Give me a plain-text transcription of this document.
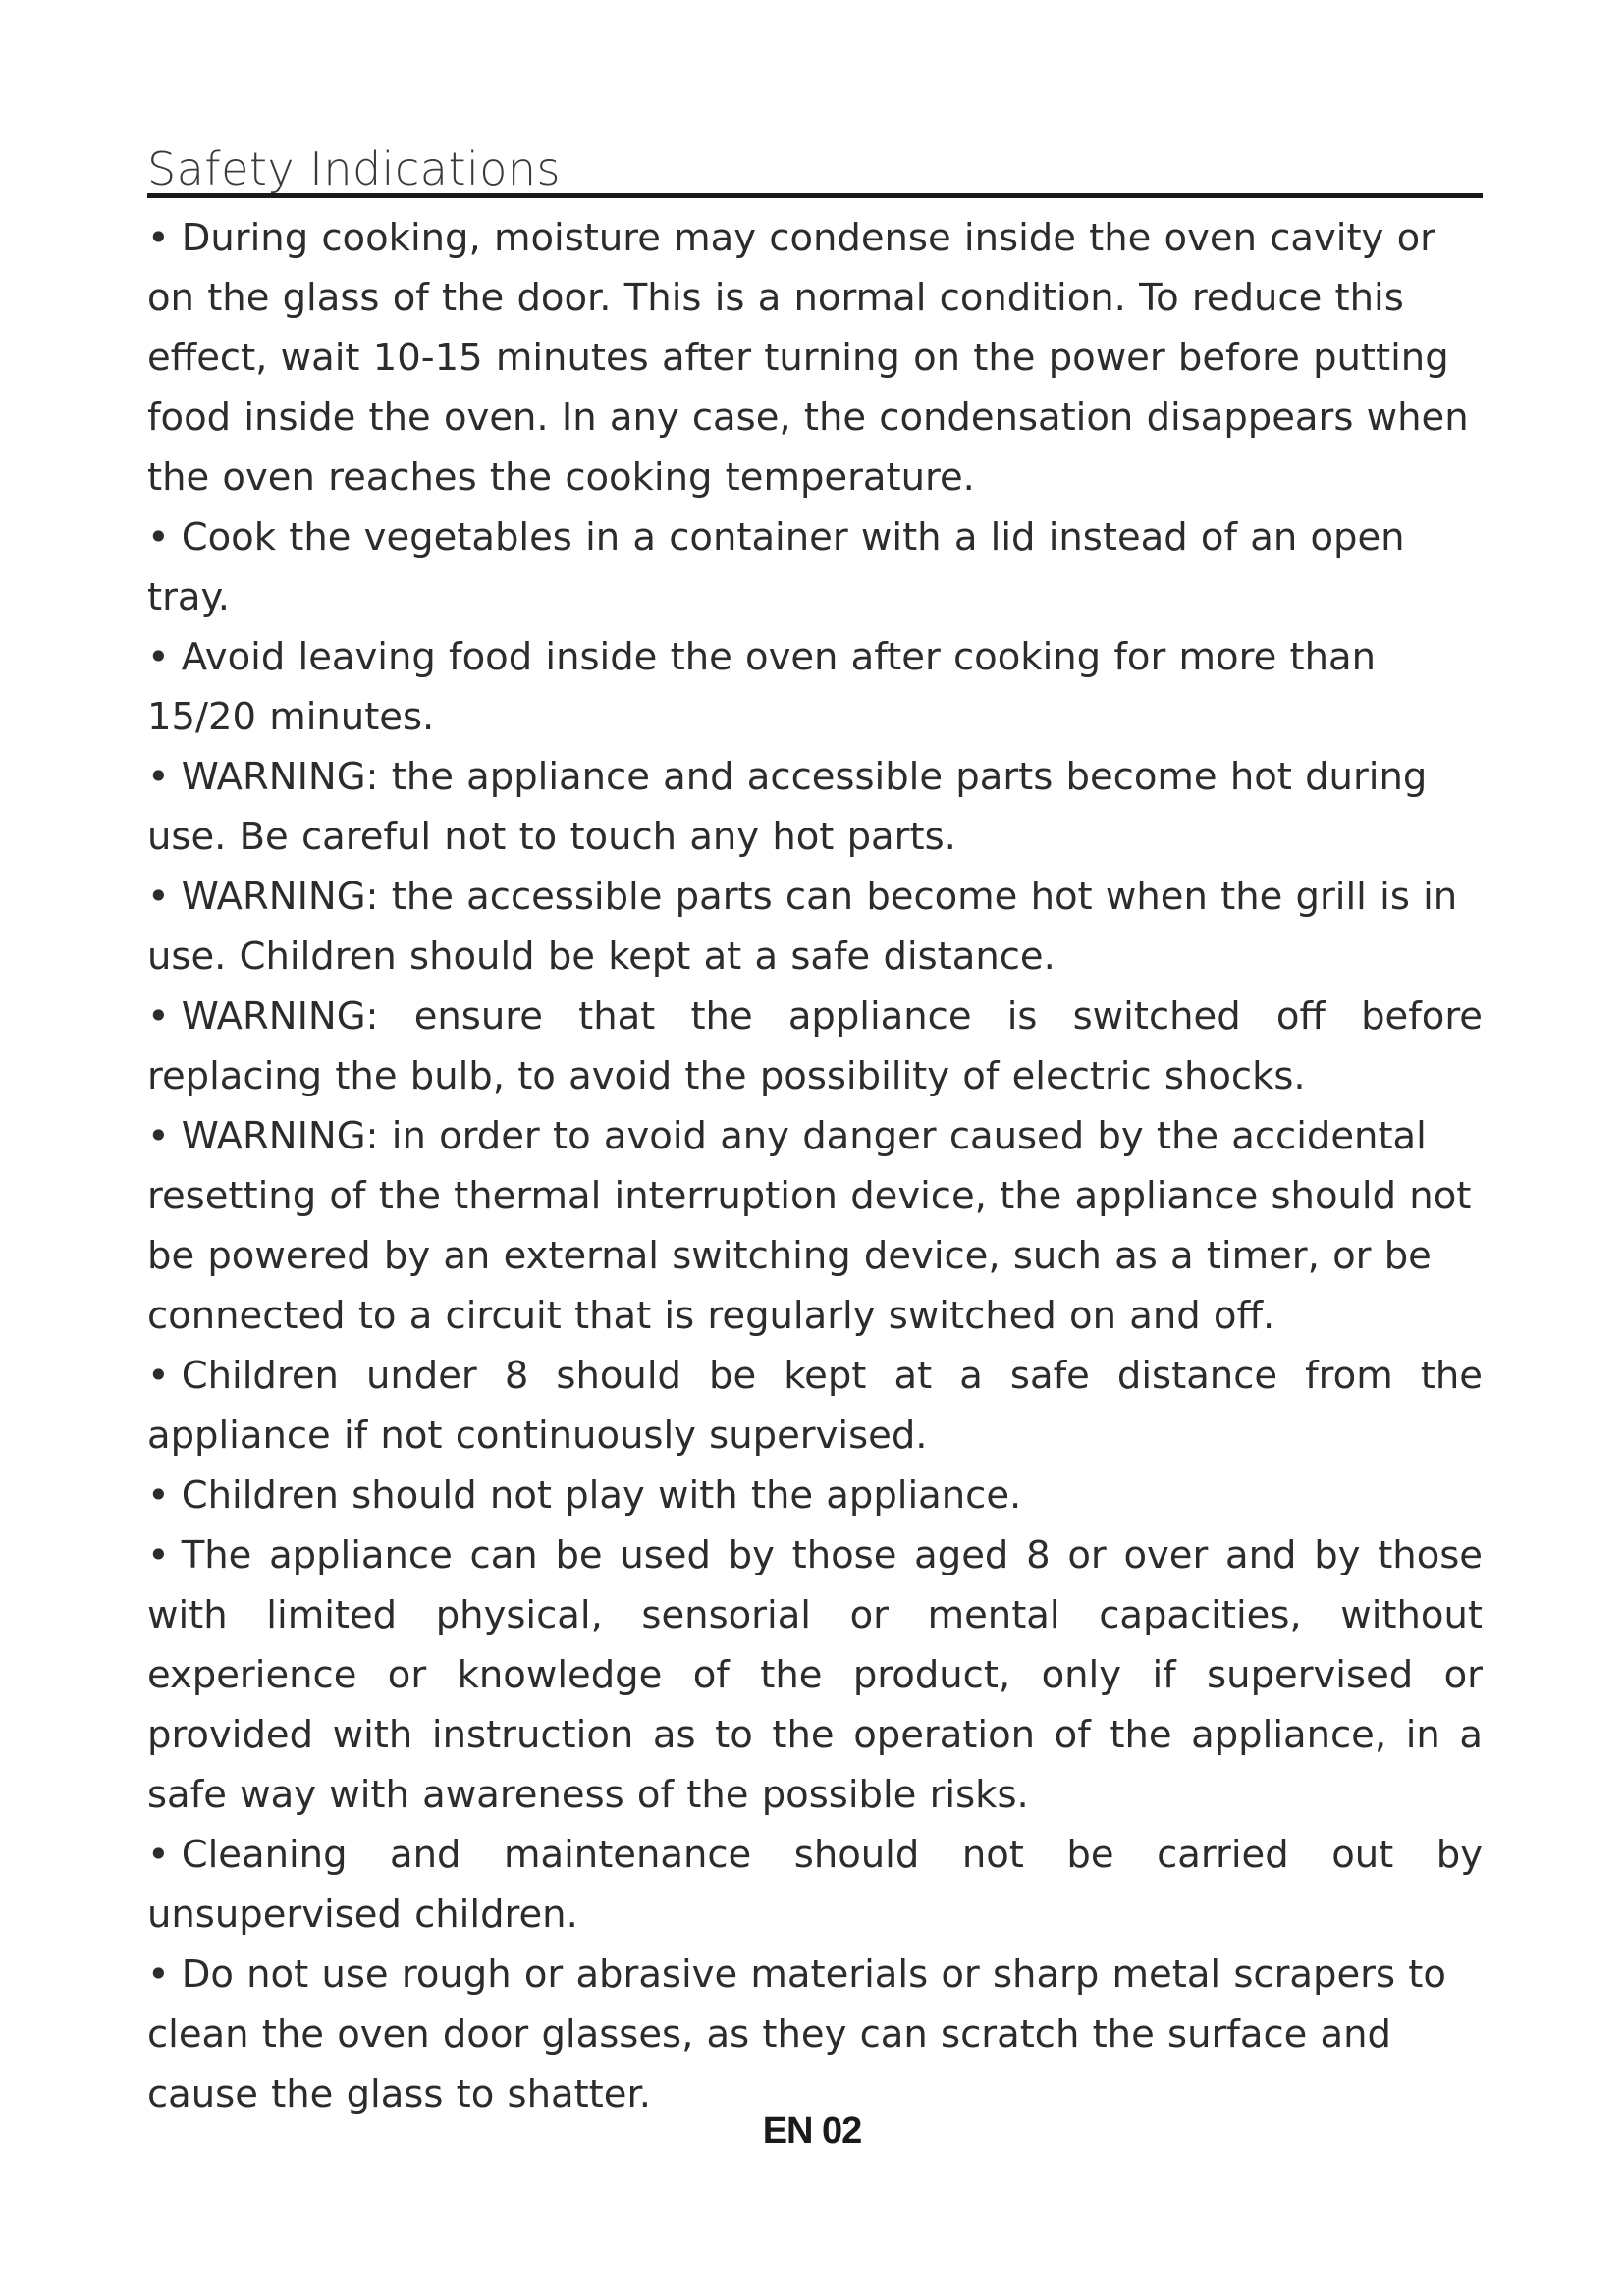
Safety Indications
• During cooking, moisture may condense inside the oven cavity or on the glass of the door. This is a normal condition. To reduce this effect, wait 10-15 minutes after turning on the power before putting food inside the oven. In any case, the condensation disappears when the oven reaches the cooking temperature.
• Cook the vegetables in a container with a lid instead of an open tray.
• Avoid leaving food inside the oven after cooking for more than 15/20 minutes.
• WARNING: the appliance and accessible parts become hot during use. Be careful not to touch any hot parts.
• WARNING: the accessible parts can become hot when the grill is in use. Children should be kept at a safe distance.
• WARNING: ensure that the appliance is switched off before replacing the bulb, to avoid the possibility of electric shocks.
• WARNING: in order to avoid any danger caused by the accidental resetting of the thermal interruption device, the appliance should not be powered by an external switching device, such as a timer, or be connected to a circuit that is regularly switched on and off.
• Children under 8 should be kept at a safe distance from the appliance if not continuously supervised.
• Children should not play with the appliance.
• The appliance can be used by those aged 8 or over and by those with limited physical, sensorial or mental capacities, without experience or knowledge of the product, only if supervised or provided with instruction as to the operation of the appliance, in a safe way with awareness of the possible risks.
• Cleaning and maintenance should not be carried out by unsupervised children.
• Do not use rough or abrasive materials or sharp metal scrapers to clean the oven door glasses, as they can scratch the surface and cause the glass to shatter.
EN 02
